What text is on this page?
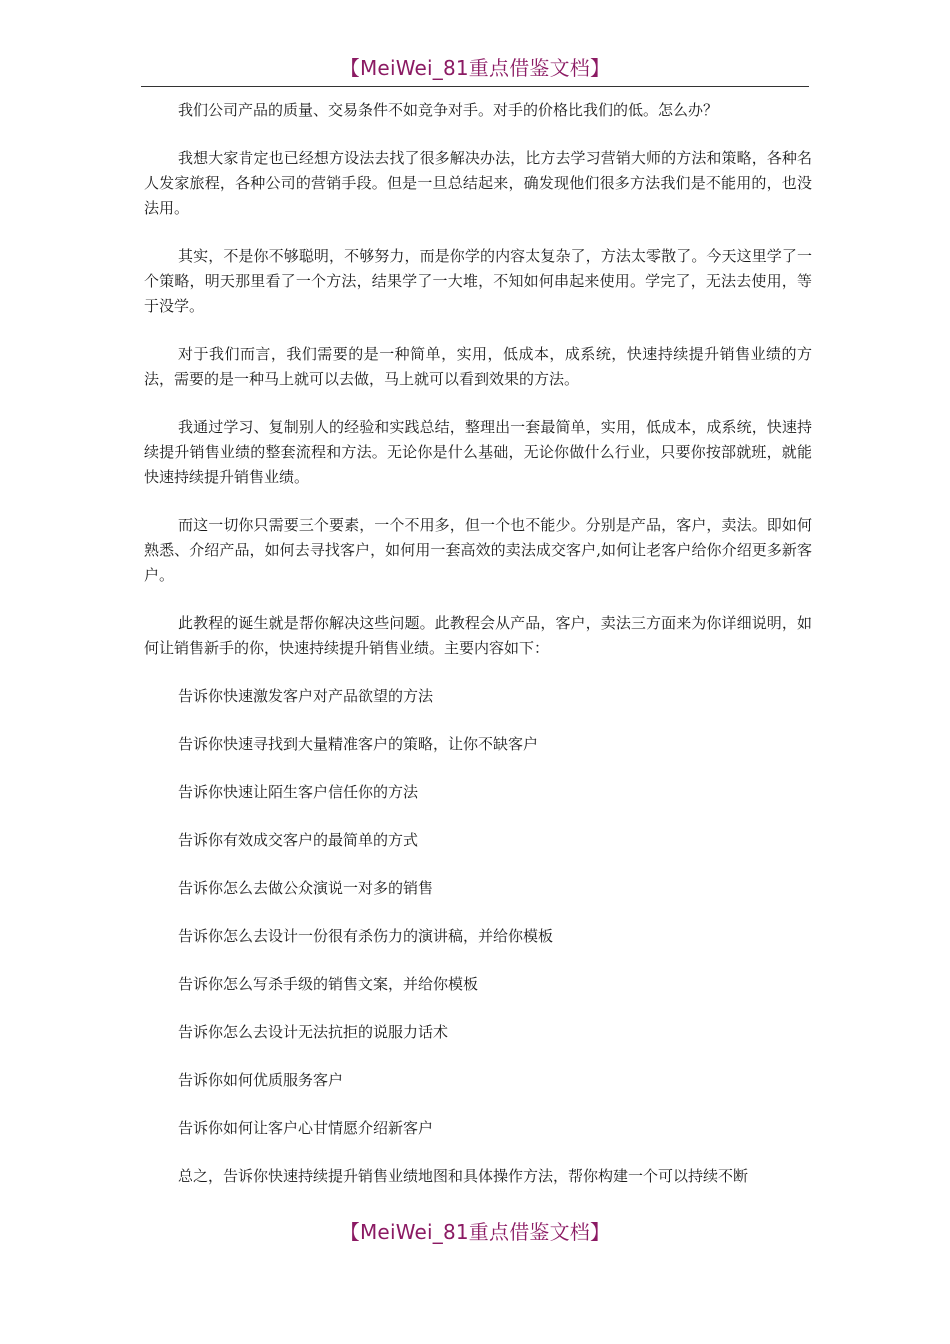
【MeiWei_81重点借鉴文档】

我们公司产品的质量、交易条件不如竞争对手。对手的价格比我们的低。怎么办？

我想大家肯定也已经想方设法去找了很多解决办法，比方去学习营销大师的方法和策略，各种名人发家旅程，各种公司的营销手段。但是一旦总结起来，确发现他们很多方法我们是不能用的，也没法用。

其实，不是你不够聪明，不够努力，而是你学的内容太复杂了，方法太零散了。今天这里学了一个策略，明天那里看了一个方法，结果学了一大堆，不知如何串起来使用。学完了，无法去使用，等于没学。

对于我们而言，我们需要的是一种简单，实用，低成本，成系统，快速持续提升销售业绩的方法，需要的是一种马上就可以去做，马上就可以看到效果的方法。

我通过学习、复制别人的经验和实践总结，整理出一套最简单，实用，低成本，成系统，快速持续提升销售业绩的整套流程和方法。无论你是什么基础，无论你做什么行业，只要你按部就班，就能快速持续提升销售业绩。

而这一切你只需要三个要素，一个不用多，但一个也不能少。分别是产品，客户，卖法。即如何熟悉、介绍产品，如何去寻找客户，如何用一套高效的卖法成交客户,如何让老客户给你介绍更多新客户。

此教程的诞生就是帮你解决这些问题。此教程会从产品，客户，卖法三方面来为你详细说明，如何让销售新手的你，快速持续提升销售业绩。主要内容如下：

告诉你快速激发客户对产品欲望的方法

告诉你快速寻找到大量精准客户的策略，让你不缺客户

告诉你快速让陌生客户信任你的方法

告诉你有效成交客户的最简单的方式

告诉你怎么去做公众演说一对多的销售

告诉你怎么去设计一份很有杀伤力的演讲稿，并给你模板

告诉你怎么写杀手级的销售文案，并给你模板

告诉你怎么去设计无法抗拒的说服力话术

告诉你如何优质服务客户

告诉你如何让客户心甘情愿介绍新客户

总之，告诉你快速持续提升销售业绩地图和具体操作方法，帮你构建一个可以持续不断

【MeiWei_81重点借鉴文档】
